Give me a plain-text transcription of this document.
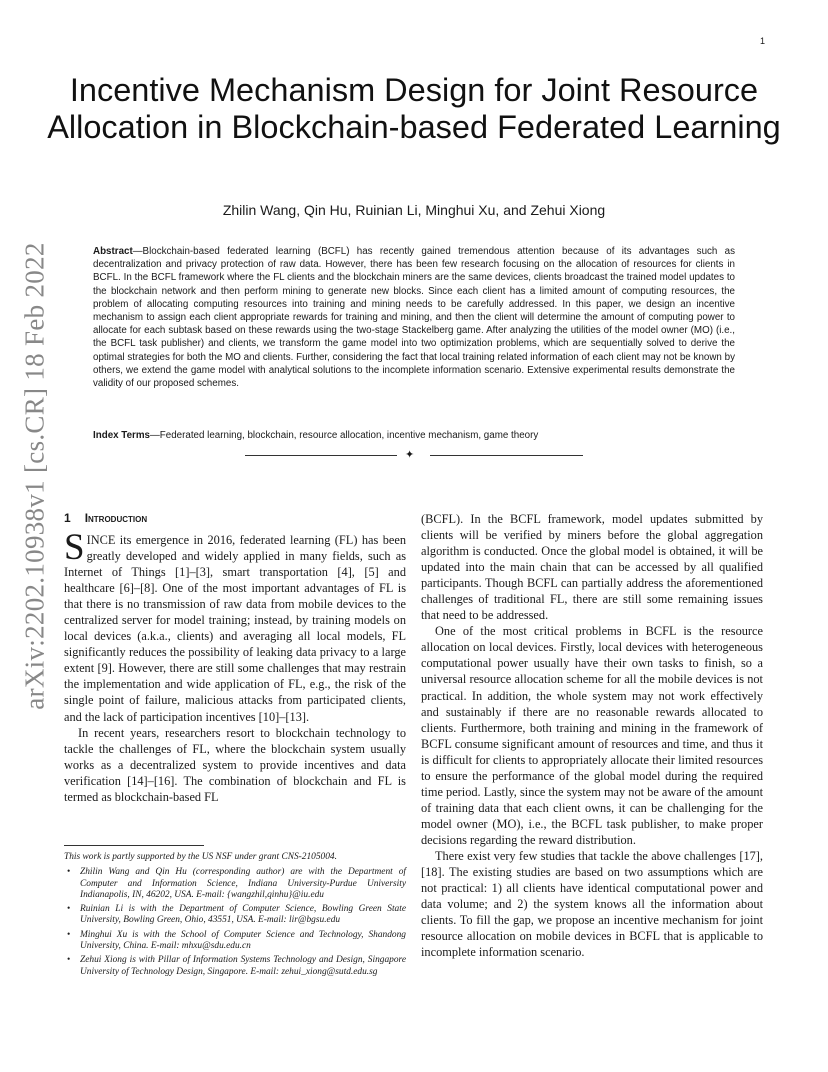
1
arXiv:2202.10938v1 [cs.CR] 18 Feb 2022
Incentive Mechanism Design for Joint Resource Allocation in Blockchain-based Federated Learning
Zhilin Wang, Qin Hu, Ruinian Li, Minghui Xu, and Zehui Xiong

Abstract—Blockchain-based federated learning (BCFL) has recently gained tremendous attention because of its advantages such as decentralization and privacy protection of raw data. However, there has been few research focusing on the allocation of resources for clients in BCFL. In the BCFL framework where the FL clients and the blockchain miners are the same devices, clients broadcast the trained model updates to the blockchain network and then perform mining to generate new blocks. Since each client has a limited amount of computing resources, the problem of allocating computing resources into training and mining needs to be carefully addressed. In this paper, we design an incentive mechanism to assign each client appropriate rewards for training and mining, and then the client will determine the amount of computing power to allocate for each subtask based on these rewards using the two-stage Stackelberg game. After analyzing the utilities of the model owner (MO) (i.e., the BCFL task publisher) and clients, we transform the game model into two optimization problems, which are sequentially solved to derive the optimal strategies for both the MO and clients. Further, considering the fact that local training related information of each client may not be known by others, we extend the game model with analytical solutions to the incomplete information scenario. Extensive experimental results demonstrate the validity of our proposed schemes.

Index Terms—Federated learning, blockchain, resource allocation, incentive mechanism, game theory

✦
1 Introduction

SINCE its emergence in 2016, federated learning (FL) has been greatly developed and widely applied in many fields, such as Internet of Things [1]–[3], smart transportation [4], [5] and healthcare [6]–[8]. One of the most important advantages of FL is that there is no transmission of raw data from mobile devices to the centralized server for model training; instead, by training models on local devices (a.k.a., clients) and averaging all local models, FL significantly reduces the possibility of leaking data privacy to a large extent [9]. However, there are still some challenges that may restrain the implementation and wide application of FL, e.g., the risk of the single point of failure, malicious attacks from participated clients, and the lack of participation incentives [10]–[13].

In recent years, researchers resort to blockchain technology to tackle the challenges of FL, where the blockchain system usually works as a decentralized system to provide incentives and data verification [14]–[16]. The combination of blockchain and FL is termed as blockchain-based FL

This work is partly supported by the US NSF under grant CNS-2105004.

• Zhilin Wang and Qin Hu (corresponding author) are with the Department of Computer and Information Science, Indiana University-Purdue University Indianapolis, IN, 46202, USA. E-mail: {wangzhil,qinhu}@iu.edu
• Ruinian Li is with the Department of Computer Science, Bowling Green State University, Bowling Green, Ohio, 43551, USA. E-mail: lir@bgsu.edu
• Minghui Xu is with the School of Computer Science and Technology, Shandong University, China. E-mail: mhxu@sdu.edu.cn
• Zehui Xiong is with Pillar of Information Systems Technology and Design, Singapore University of Technology Design, Singapore. E-mail: zehui_xiong@sutd.edu.sg

(BCFL). In the BCFL framework, model updates submitted by clients will be verified by miners before the global aggregation algorithm is conducted. Once the global model is obtained, it will be updated into the main chain that can be accessed by all qualified participants. Though BCFL can partially address the aforementioned challenges of traditional FL, there are still some remaining issues that need to be addressed.

One of the most critical problems in BCFL is the resource allocation on local devices. Firstly, local devices with heterogeneous computational power usually have their own tasks to finish, so a universal resource allocation scheme for all the mobile devices is not practical. In addition, the whole system may not work effectively and sustainably if there are no reasonable rewards allocated to clients. Furthermore, both training and mining in the framework of BCFL consume significant amount of resources and time, and thus it is difficult for clients to appropriately allocate their limited resources to ensure the performance of the global model during the required time period. Lastly, since the system may not be aware of the amount of training data that each client owns, it can be challenging for the model owner (MO), i.e., the BCFL task publisher, to make proper decisions regarding the reward distribution.

There exist very few studies that tackle the above challenges [17], [18]. The existing studies are based on two assumptions which are not practical: 1) all clients have identical computational power and data volume; and 2) the system knows all the information about clients. To fill the gap, we propose an incentive mechanism for joint resource allocation on mobile devices in BCFL that is applicable to incomplete information scenario.
